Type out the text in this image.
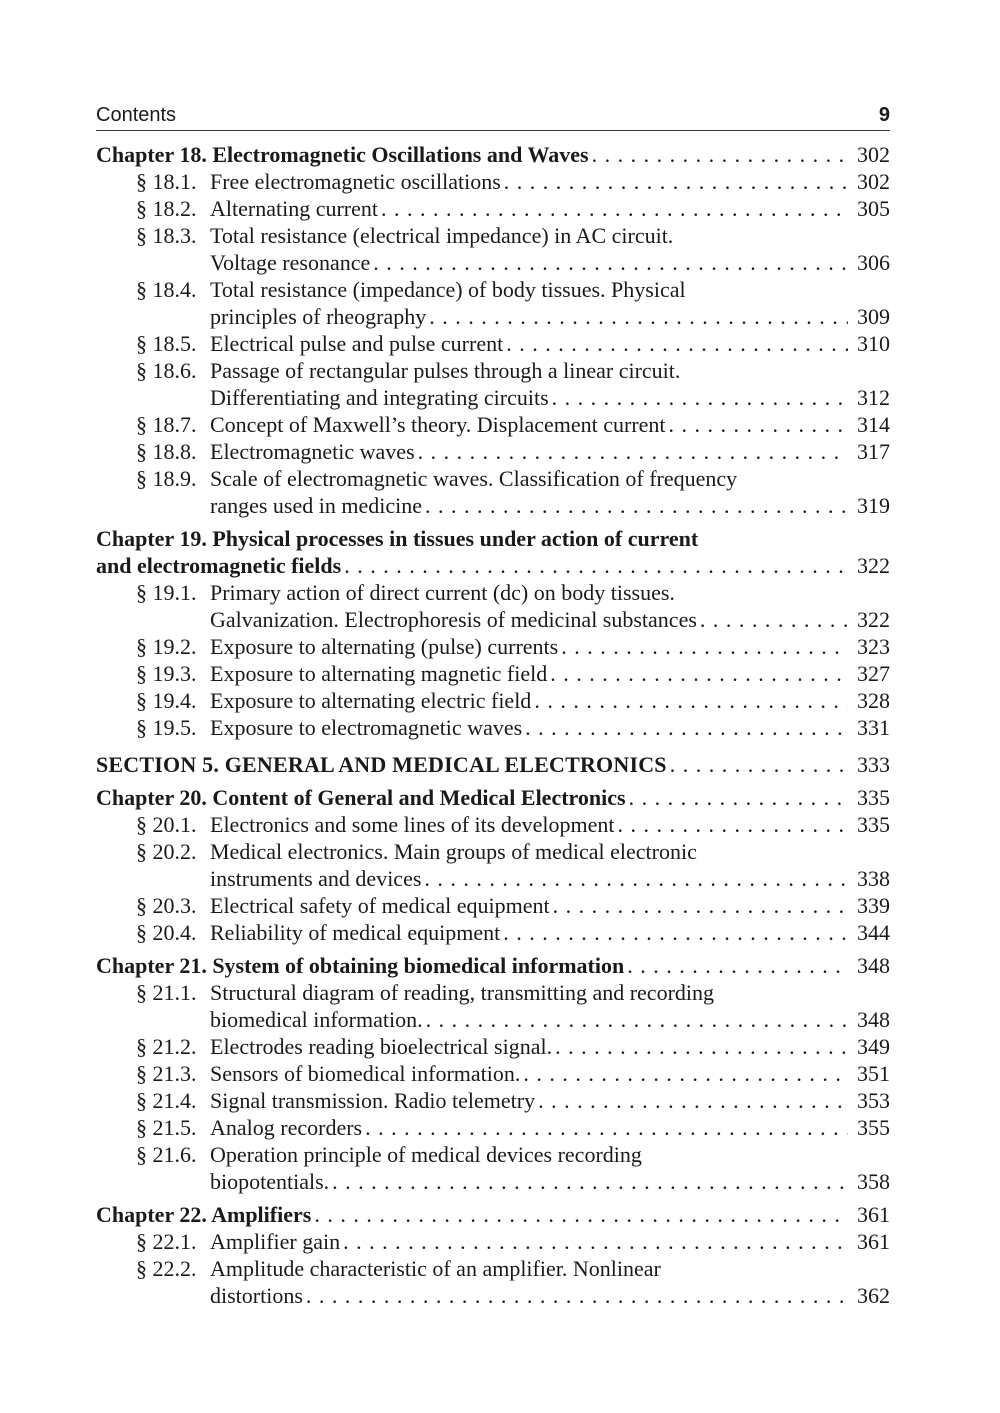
Contents	9
Chapter 18. Electromagnetic Oscillations and Waves . . .	302
§ 18.1. Free electromagnetic oscillations . . .	302
§ 18.2. Alternating current . . .	305
§ 18.3. Total resistance (electrical impedance) in AC circuit.
Voltage resonance . . .	306
§ 18.4. Total resistance (impedance) of body tissues. Physical
principles of rheography . . .	309
§ 18.5. Electrical pulse and pulse current . . .	310
§ 18.6. Passage of rectangular pulses through a linear circuit.
Differentiating and integrating circuits . . .	312
§ 18.7. Concept of Maxwell’s theory. Displacement current . . .	314
§ 18.8. Electromagnetic waves . . .	317
§ 18.9. Scale of electromagnetic waves. Classification of frequency
ranges used in medicine . . .	319
Chapter 19. Physical processes in tissues under action of current
and electromagnetic fields . . .	322
§ 19.1. Primary action of direct current (dc) on body tissues.
Galvanization. Electrophoresis of medicinal substances . . .	322
§ 19.2. Exposure to alternating (pulse) currents . . .	323
§ 19.3. Exposure to alternating magnetic field . . .	327
§ 19.4. Exposure to alternating electric field . . .	328
§ 19.5. Exposure to electromagnetic waves . . .	331
SECTION 5. GENERAL AND MEDICAL ELECTRONICS . . .	333
Chapter 20. Content of General and Medical Electronics . . .	335
§ 20.1. Electronics and some lines of its development . . .	335
§ 20.2. Medical electronics. Main groups of medical electronic
instruments and devices . . .	338
§ 20.3. Electrical safety of medical equipment . . .	339
§ 20.4. Reliability of medical equipment . . .	344
Chapter 21. System of obtaining biomedical information . . .	348
§ 21.1. Structural diagram of reading, transmitting and recording
biomedical information. . . .	348
§ 21.2. Electrodes reading bioelectrical signal. . . .	349
§ 21.3. Sensors of biomedical information. . . .	351
§ 21.4. Signal transmission. Radio telemetry . . .	353
§ 21.5. Analog recorders . . .	355
§ 21.6. Operation principle of medical devices recording
biopotentials. . . .	358
Chapter 22. Amplifiers . . .	361
§ 22.1. Amplifier gain . . .	361
§ 22.2. Amplitude characteristic of an amplifier. Nonlinear
distortions . . .	362
